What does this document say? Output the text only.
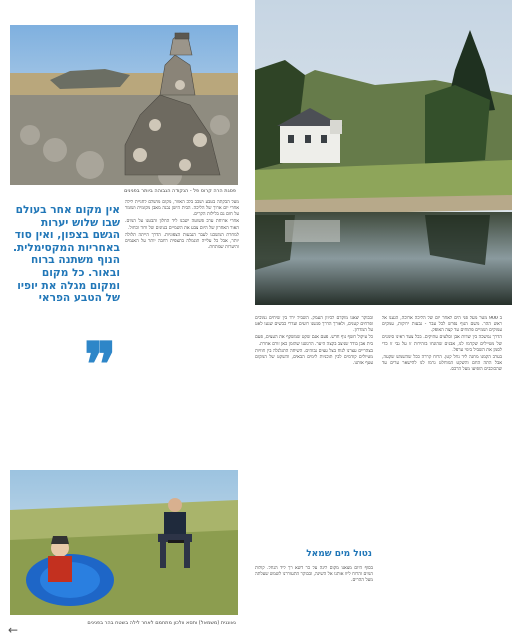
פסגת הרה קרוס פל - הנקודה הגבוהה ביותר בפנינים
אין מקום אחר בעולם שבו שלוש יערות הגשם בצפון, ואין סוד באחריות המקסימלית. הנוף משתנה ברוח ובאור. כל מקום ומקום מגלה את יופיו של הטבע הפראי
❞

מעל הבקתה בטבע ושכב בלב האזור, מקום מושלם לחניית לילה אחרי יום ארוך של הליכה. הבית הישן נבנה מאבן מקומית ושומר על חום גם בלילות הקרים.

אחרי ארוחת ערב פשוטה ישבנו ליד החלון והבטנו על המים. האור האחרון של היום צבע את השמיים בגוונים של ורוד וכחול.

למחרת המשכנו לעבר הגבעות הצפוניות. הדרך הייתה תלולה יותר, אבל כל עלייה תוגמלה בתצפית רחבה יותר על האגמים והיערות שמתחת.

ובבוקר יצאנו מוקדם לכיוון העמק. השביל ירד בין שיחים נמוכים ופרחים קטנים, ולאורך הדרך פגשנו רועים ועדרי כבשים שנעו לאט על המדרון.

כל עיקול חשף נוף חדש. פעם אגם שקט שמשקף את העצים, פעם בית אבן בודד שניצב בקצה היער. הרגשנו שהזמן כאן זורם אחרת.

בצהריים עצרנו לנוח בצל עצים גבוהים. השיחה התגלגלה בין חוויות מטיולים קודמים לבין תוכניות לימים הבאים, והשקט של המקום עטף אותנו.

ב 900 מטר מעל פני הים לאחר יום של הליכה ארוכה, הגענו אל ראש ההר. משם הנוף נפרש לכל עבר - גבעות ירוקות, עמקים עמוקים ושמיים פתוחים עד קצה האופק.

הדרך נמשכה בין שדות אבן וסלעים עתיקים. בכל צעד ראינו סימנים של מטיילים שקדמו לנו, אבנים שהונחו בזהירות זו על גבי זו כדי לסמן את השביל בימי ערפל.

בערב הקמנו מחנה ליד נחל קטן. הרוח קררה ככל שהשמש שקעה, אבל התה החם והשקט המוחלט גרמו לנו להישאר ערים עד שהכוכבים הופיעו מעל הרכס.

נטול מים שמאל

בסוף היום מצאנו מקום לינה על כר דשא רך ליד הנחל. קולות המים והרוח ליוו אותנו אל השינה, ובבוקר התעוררנו לשמש שעלתה מעל ההרים.

גאוננית (משמאל) ותסא וולכון מתחמם לאחר לילה בשטח בהר בפנינים
←
